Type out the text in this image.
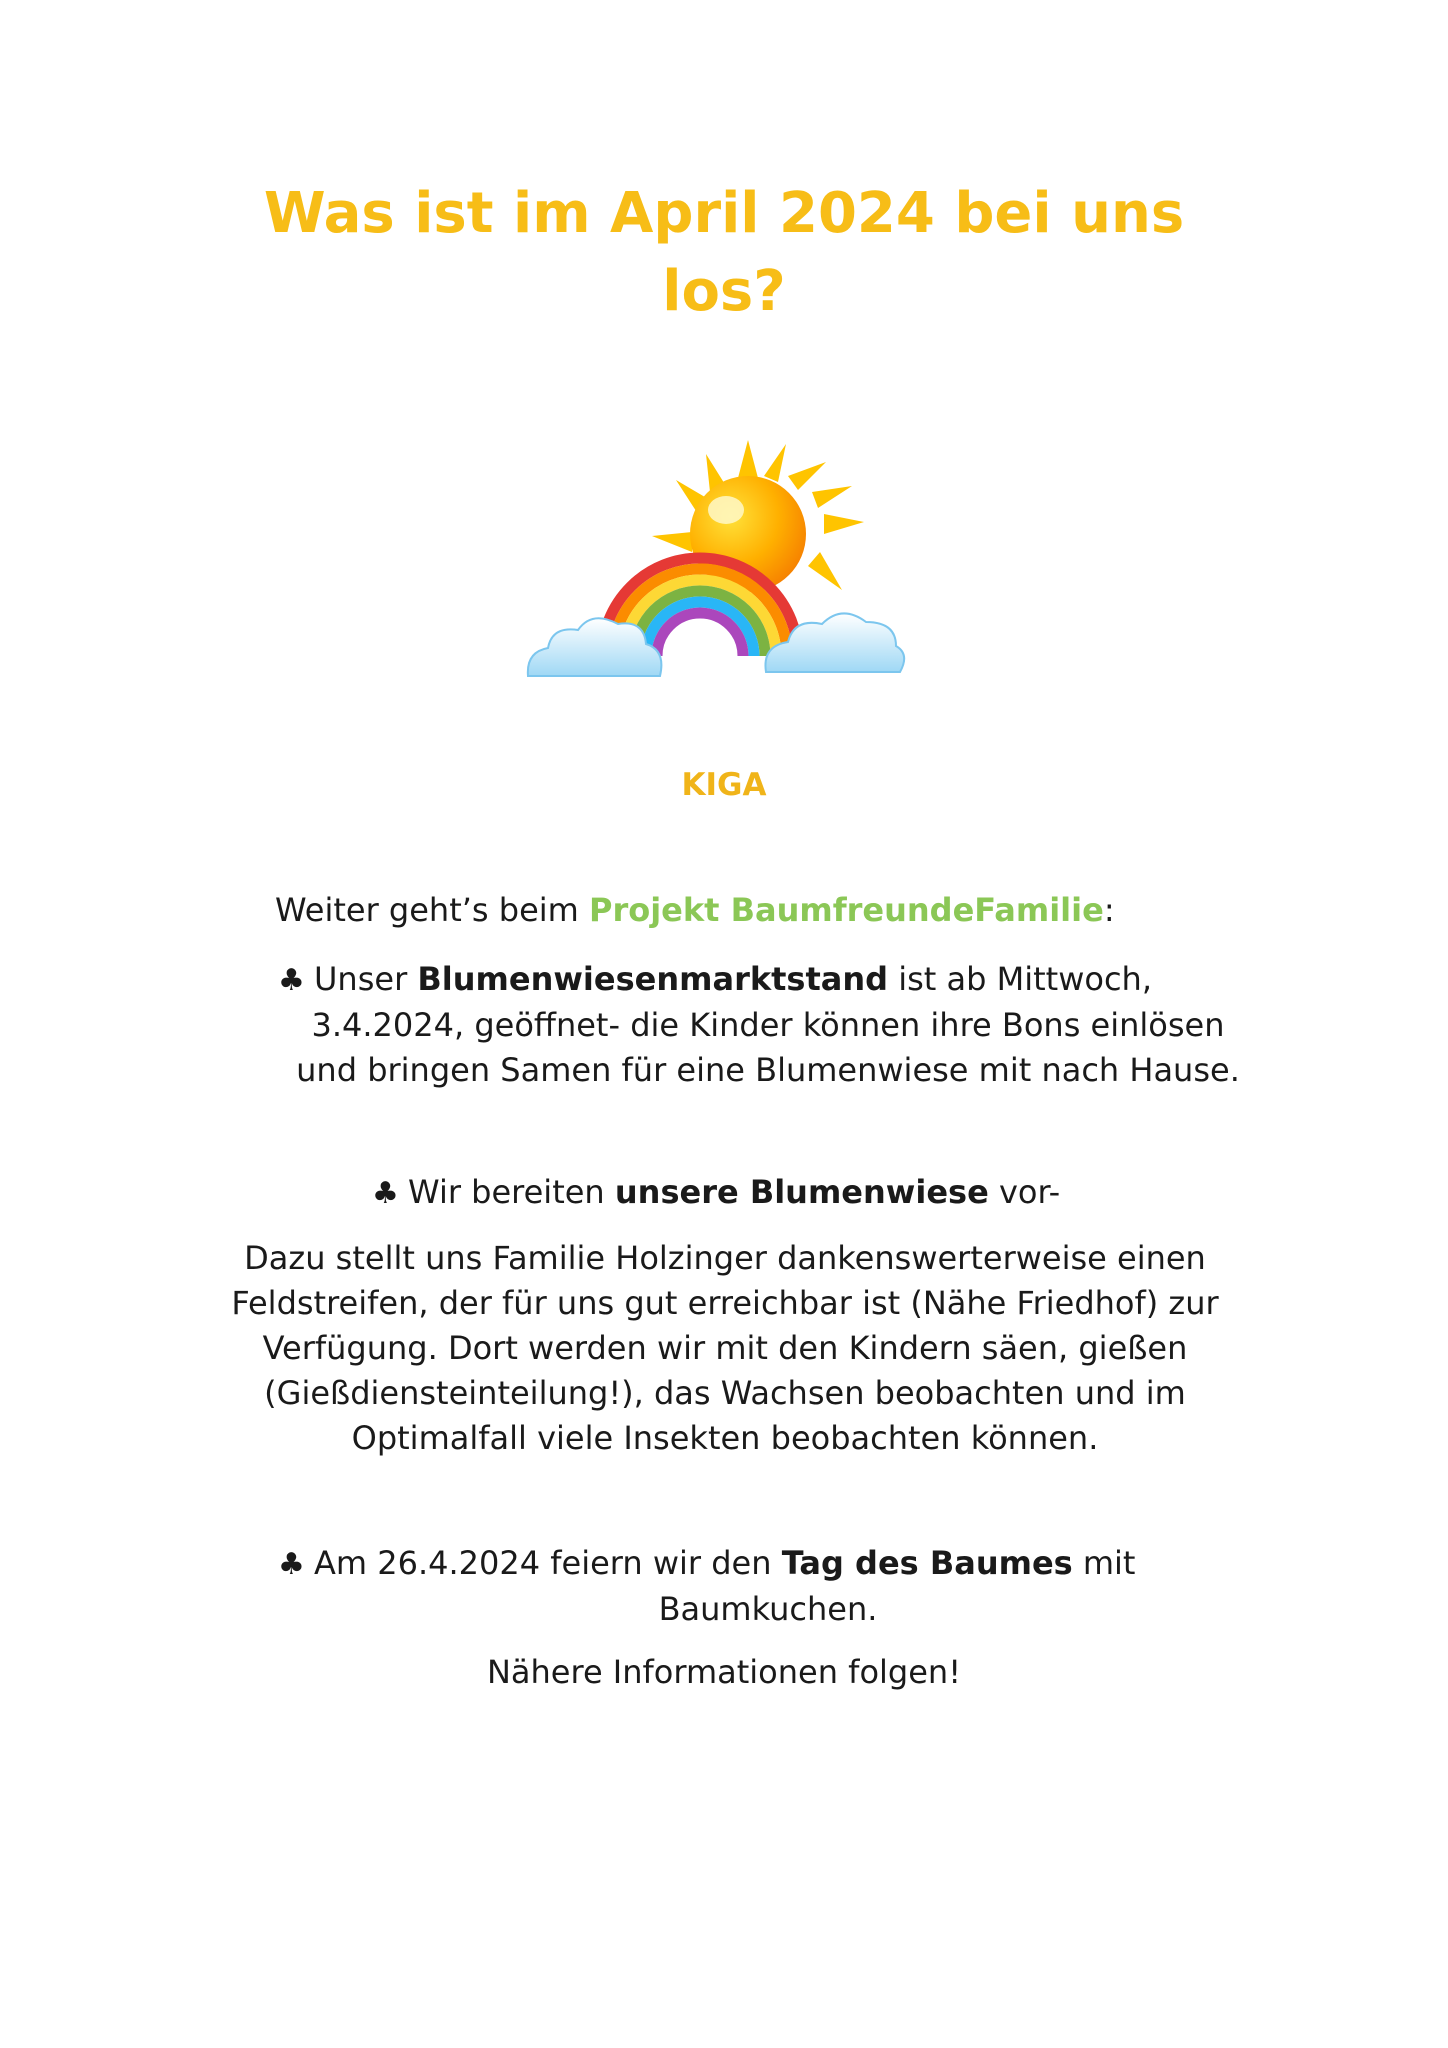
Was ist im April 2024 bei uns
los?
KIGA

Weiter geht’s beim Projekt BaumfreundeFamilie:

♣ Unser Blumenwiesenmarktstand ist ab Mittwoch,
3.4.2024, geöffnet- die Kinder können ihre Bons einlösen
und bringen Samen für eine Blumenwiese mit nach Hause.

♣ Wir bereiten unsere Blumenwiese vor-

Dazu stellt uns Familie Holzinger dankenswerterweise einen
Feldstreifen, der für uns gut erreichbar ist (Nähe Friedhof) zur
Verfügung. Dort werden wir mit den Kindern säen, gießen
(Gießdiensteinteilung!), das Wachsen beobachten und im
Optimalfall viele Insekten beobachten können.

♣ Am 26.4.2024 feiern wir den Tag des Baumes mit
Baumkuchen.

Nähere Informationen folgen!
